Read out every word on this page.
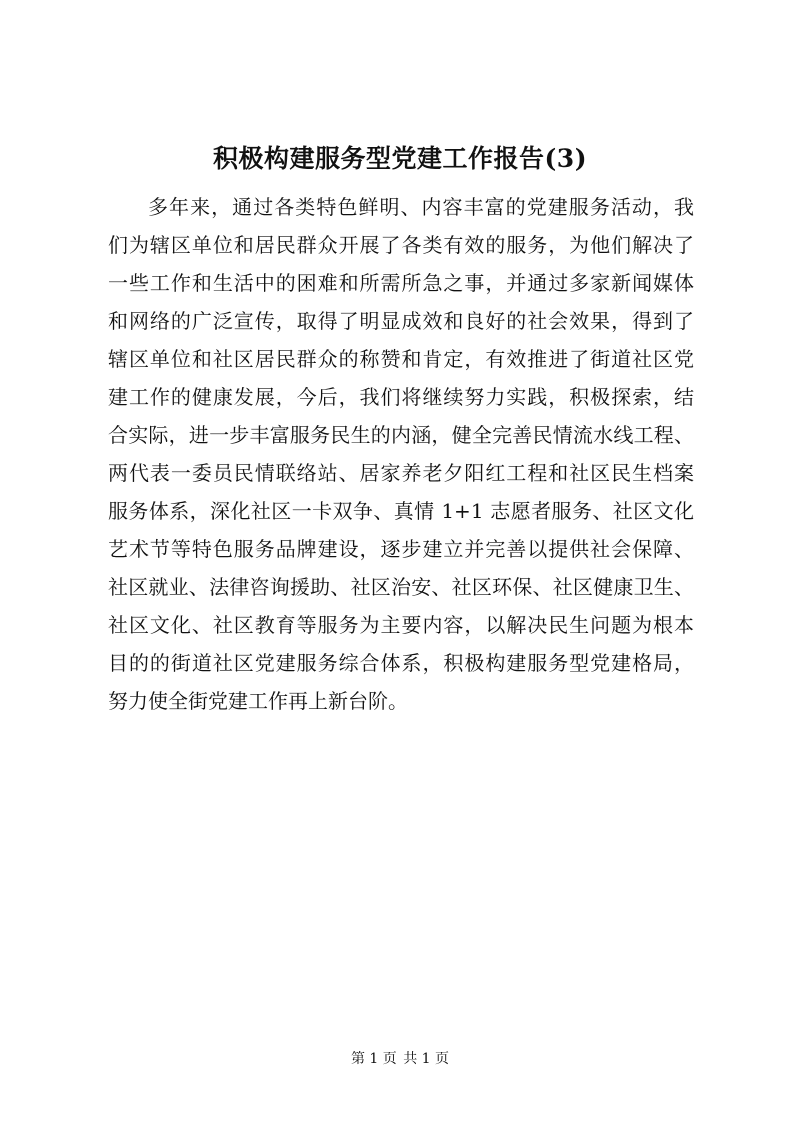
积极构建服务型党建工作报告(3)
多年来，通过各类特色鲜明、内容丰富的党建服务活动，我
们为辖区单位和居民群众开展了各类有效的服务，为他们解决了
一些工作和生活中的困难和所需所急之事，并通过多家新闻媒体
和网络的广泛宣传，取得了明显成效和良好的社会效果，得到了
辖区单位和社区居民群众的称赞和肯定，有效推进了街道社区党
建工作的健康发展，今后，我们将继续努力实践，积极探索，结
合实际，进一步丰富服务民生的内涵，健全完善民情流水线工程、
两代表一委员民情联络站、居家养老夕阳红工程和社区民生档案
服务体系，深化社区一卡双争、真情 1+1 志愿者服务、社区文化
艺术节等特色服务品牌建设，逐步建立并完善以提供社会保障、
社区就业、法律咨询援助、社区治安、社区环保、社区健康卫生、
社区文化、社区教育等服务为主要内容，以解决民生问题为根本
目的的街道社区党建服务综合体系，积极构建服务型党建格局，
努力使全街党建工作再上新台阶。
第 1 页 共 1 页
